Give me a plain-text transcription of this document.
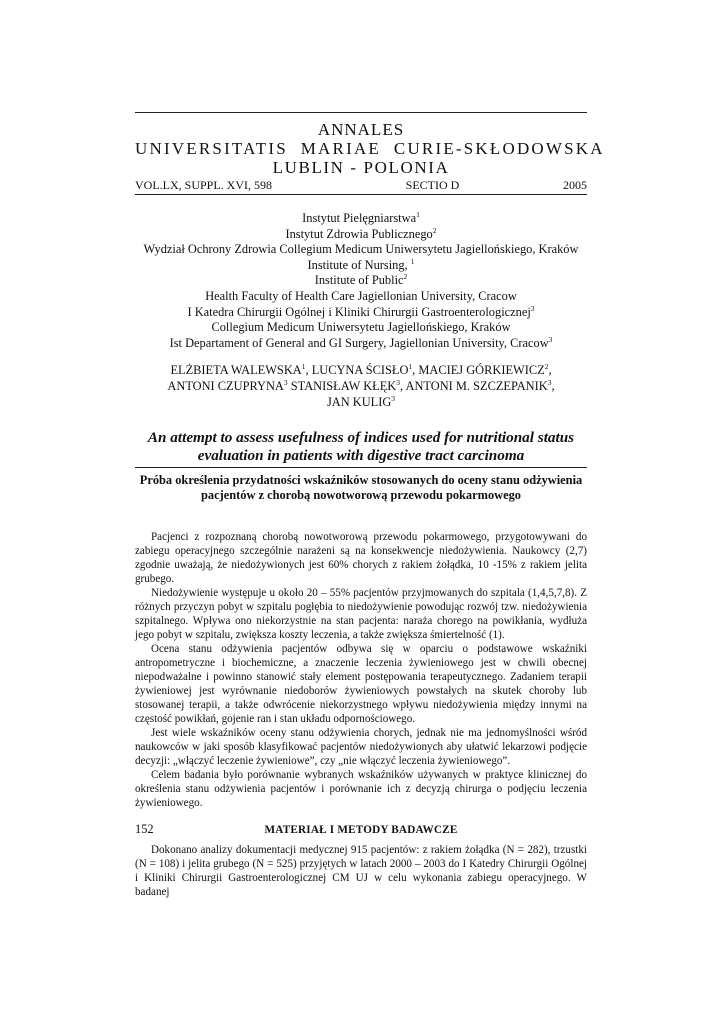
ANNALES
UNIVERSITATIS  MARIAE  CURIE-SKŁODOWSKA
LUBLIN - POLONIA
VOL.LX, SUPPL. XVI, 598	SECTIO D	2005
Instytut Pielęgniarstwa$^1$
Instytut Zdrowia Publicznego$^2$
Wydział Ochrony Zdrowia Collegium Medicum Uniwersytetu Jagiellońskiego, Kraków
Institute of Nursing, $^1$
Institute of Public$^2$
Health Faculty of Health Care Jagiellonian University, Cracow
I Katedra Chirurgii Ogólnej i Kliniki Chirurgii Gastroenterologicznej$^3$
Collegium Medicum Uniwersytetu Jagiellońskiego, Kraków
Ist Departament of General and GI Surgery, Jagiellonian University, Cracow$^3$
ELŻBIETA WALEWSKA$^1$, LUCYNA ŚCISŁO$^1$, MACIEJ GÓRKIEWICZ$^2$,
ANTONI CZUPRYNA$^3$ STANISŁAW KŁĘK$^3$, ANTONI M. SZCZEPANIK$^3$,
JAN KULIG$^3$
An attempt to assess usefulness of indices used for nutritional status
evaluation in patients with digestive tract carcinoma
Próba określenia przydatności wskaźników stosowanych do oceny stanu odżywienia
pacjentów z chorobą nowotworową przewodu pokarmowego

Pacjenci z rozpoznaną chorobą nowotworową przewodu pokarmowego, przygotowywani do zabiegu operacyjnego szczególnie narażeni są na konsekwencje niedożywienia. Naukowcy (2,7) zgodnie uważają, że niedożywionych jest 60% chorych z rakiem żołądka, 10 -15% z rakiem jelita grubego.

Niedożywienie występuje u około 20 – 55% pacjentów przyjmowanych do szpitala (1,4,5,7,8). Z różnych przyczyn pobyt w szpitalu pogłębia to niedożywienie powodując rozwój tzw. niedożywienia szpitalnego. Wpływa ono niekorzystnie na stan pacjenta: naraża chorego na powikłania, wydłuża jego pobyt w szpitalu, zwiększa koszty leczenia, a także zwiększa śmiertelność (1).

Ocena stanu odżywienia pacjentów odbywa się w oparciu o podstawowe wskaźniki antropometryczne i biochemiczne, a znaczenie leczenia żywieniowego jest w chwili obecnej niepodważalne i powinno stanowić stały element postępowania terapeutycznego. Zadaniem terapii żywieniowej jest wyrównanie niedoborów żywieniowych powstałych na skutek choroby lub stosowanej terapii, a także odwrócenie niekorzystnego wpływu niedożywienia między innymi na częstość powikłań, gojenie ran i stan układu odpornościowego.

Jest wiele wskaźników oceny stanu odżywienia chorych, jednak nie ma jednomyślności wśród naukowców w jaki sposób klasyfikować pacjentów niedożywionych aby ułatwić lekarzowi podjęcie decyzji: „włączyć leczenie żywieniowe”, czy „nie włączyć leczenia żywieniowego”.

Celem badania było porównanie wybranych wskaźników używanych w praktyce klinicznej do określenia stanu odżywienia pacjentów i porównanie ich z decyzją chirurga o podjęciu leczenia żywieniowego.

MATERIAŁ I METODY BADAWCZE

Dokonano analizy dokumentacji medycznej 915 pacjentów: z rakiem żołądka (N = 282), trzustki (N = 108) i jelita grubego (N = 525) przyjętych w latach 2000 – 2003 do I Katedry Chirurgii Ogólnej i Kliniki Chirurgii Gastroenterologicznej CM UJ w celu wykonania zabiegu operacyjnego. W badanej

152
